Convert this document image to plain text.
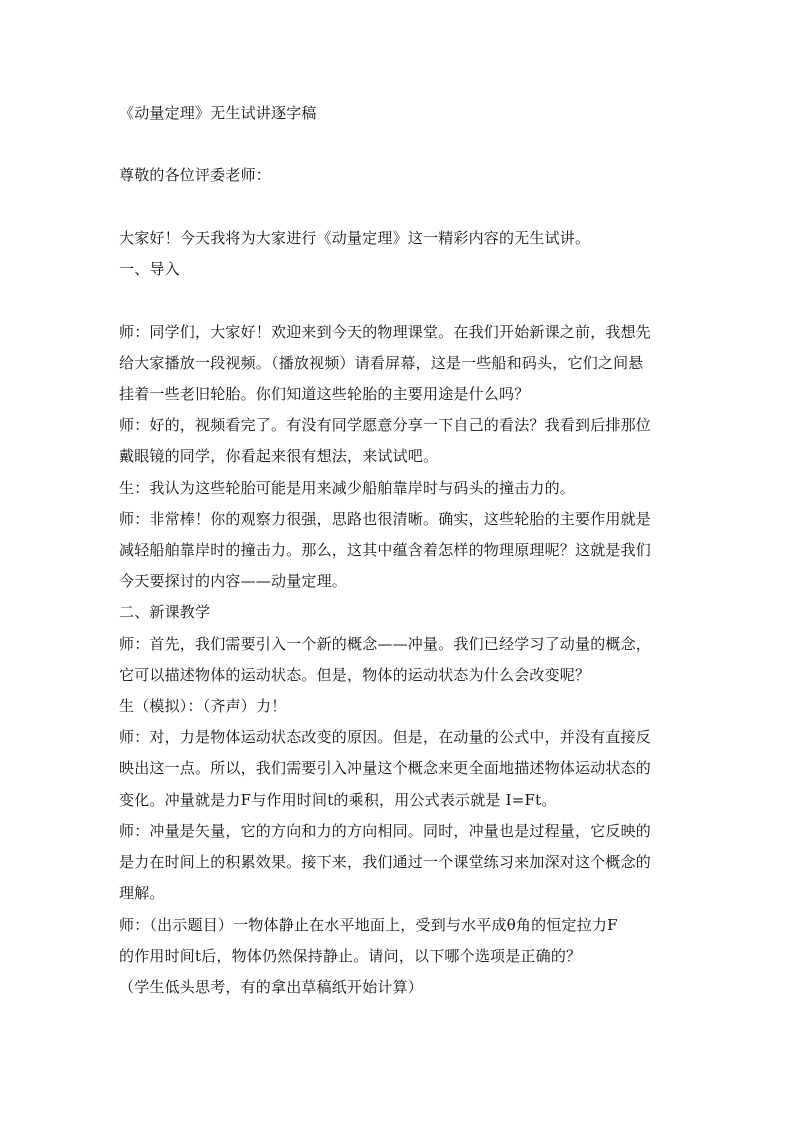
《动量定理》无生试讲逐字稿
尊敬的各位评委老师：
大家好！今天我将为大家进行《动量定理》这一精彩内容的无生试讲。
一、导入
师：同学们，大家好！欢迎来到今天的物理课堂。在我们开始新课之前，我想先
给大家播放一段视频。（播放视频）请看屏幕，这是一些船和码头，它们之间悬
挂着一些老旧轮胎。你们知道这些轮胎的主要用途是什么吗？
师：好的，视频看完了。有没有同学愿意分享一下自己的看法？我看到后排那位
戴眼镜的同学，你看起来很有想法，来试试吧。
生：我认为这些轮胎可能是用来减少船舶靠岸时与码头的撞击力的。
师：非常棒！你的观察力很强，思路也很清晰。确实，这些轮胎的主要作用就是
减轻船舶靠岸时的撞击力。那么，这其中蕴含着怎样的物理原理呢？这就是我们
今天要探讨的内容——动量定理。
二、新课教学
师：首先，我们需要引入一个新的概念——冲量。我们已经学习了动量的概念，
它可以描述物体的运动状态。但是，物体的运动状态为什么会改变呢？
生（模拟）：（齐声）力！
师：对，力是物体运动状态改变的原因。但是，在动量的公式中，并没有直接反
映出这一点。所以，我们需要引入冲量这个概念来更全面地描述物体运动状态的
变化。冲量就是力F与作用时间t的乘积，用公式表示就是 I=Ft。
师：冲量是矢量，它的方向和力的方向相同。同时，冲量也是过程量，它反映的
是力在时间上的积累效果。接下来，我们通过一个课堂练习来加深对这个概念的
理解。
师：（出示题目）一物体静止在水平地面上，受到与水平成θ角的恒定拉力F
的作用时间t后，物体仍然保持静止。请问，以下哪个选项是正确的？
（学生低头思考，有的拿出草稿纸开始计算）
